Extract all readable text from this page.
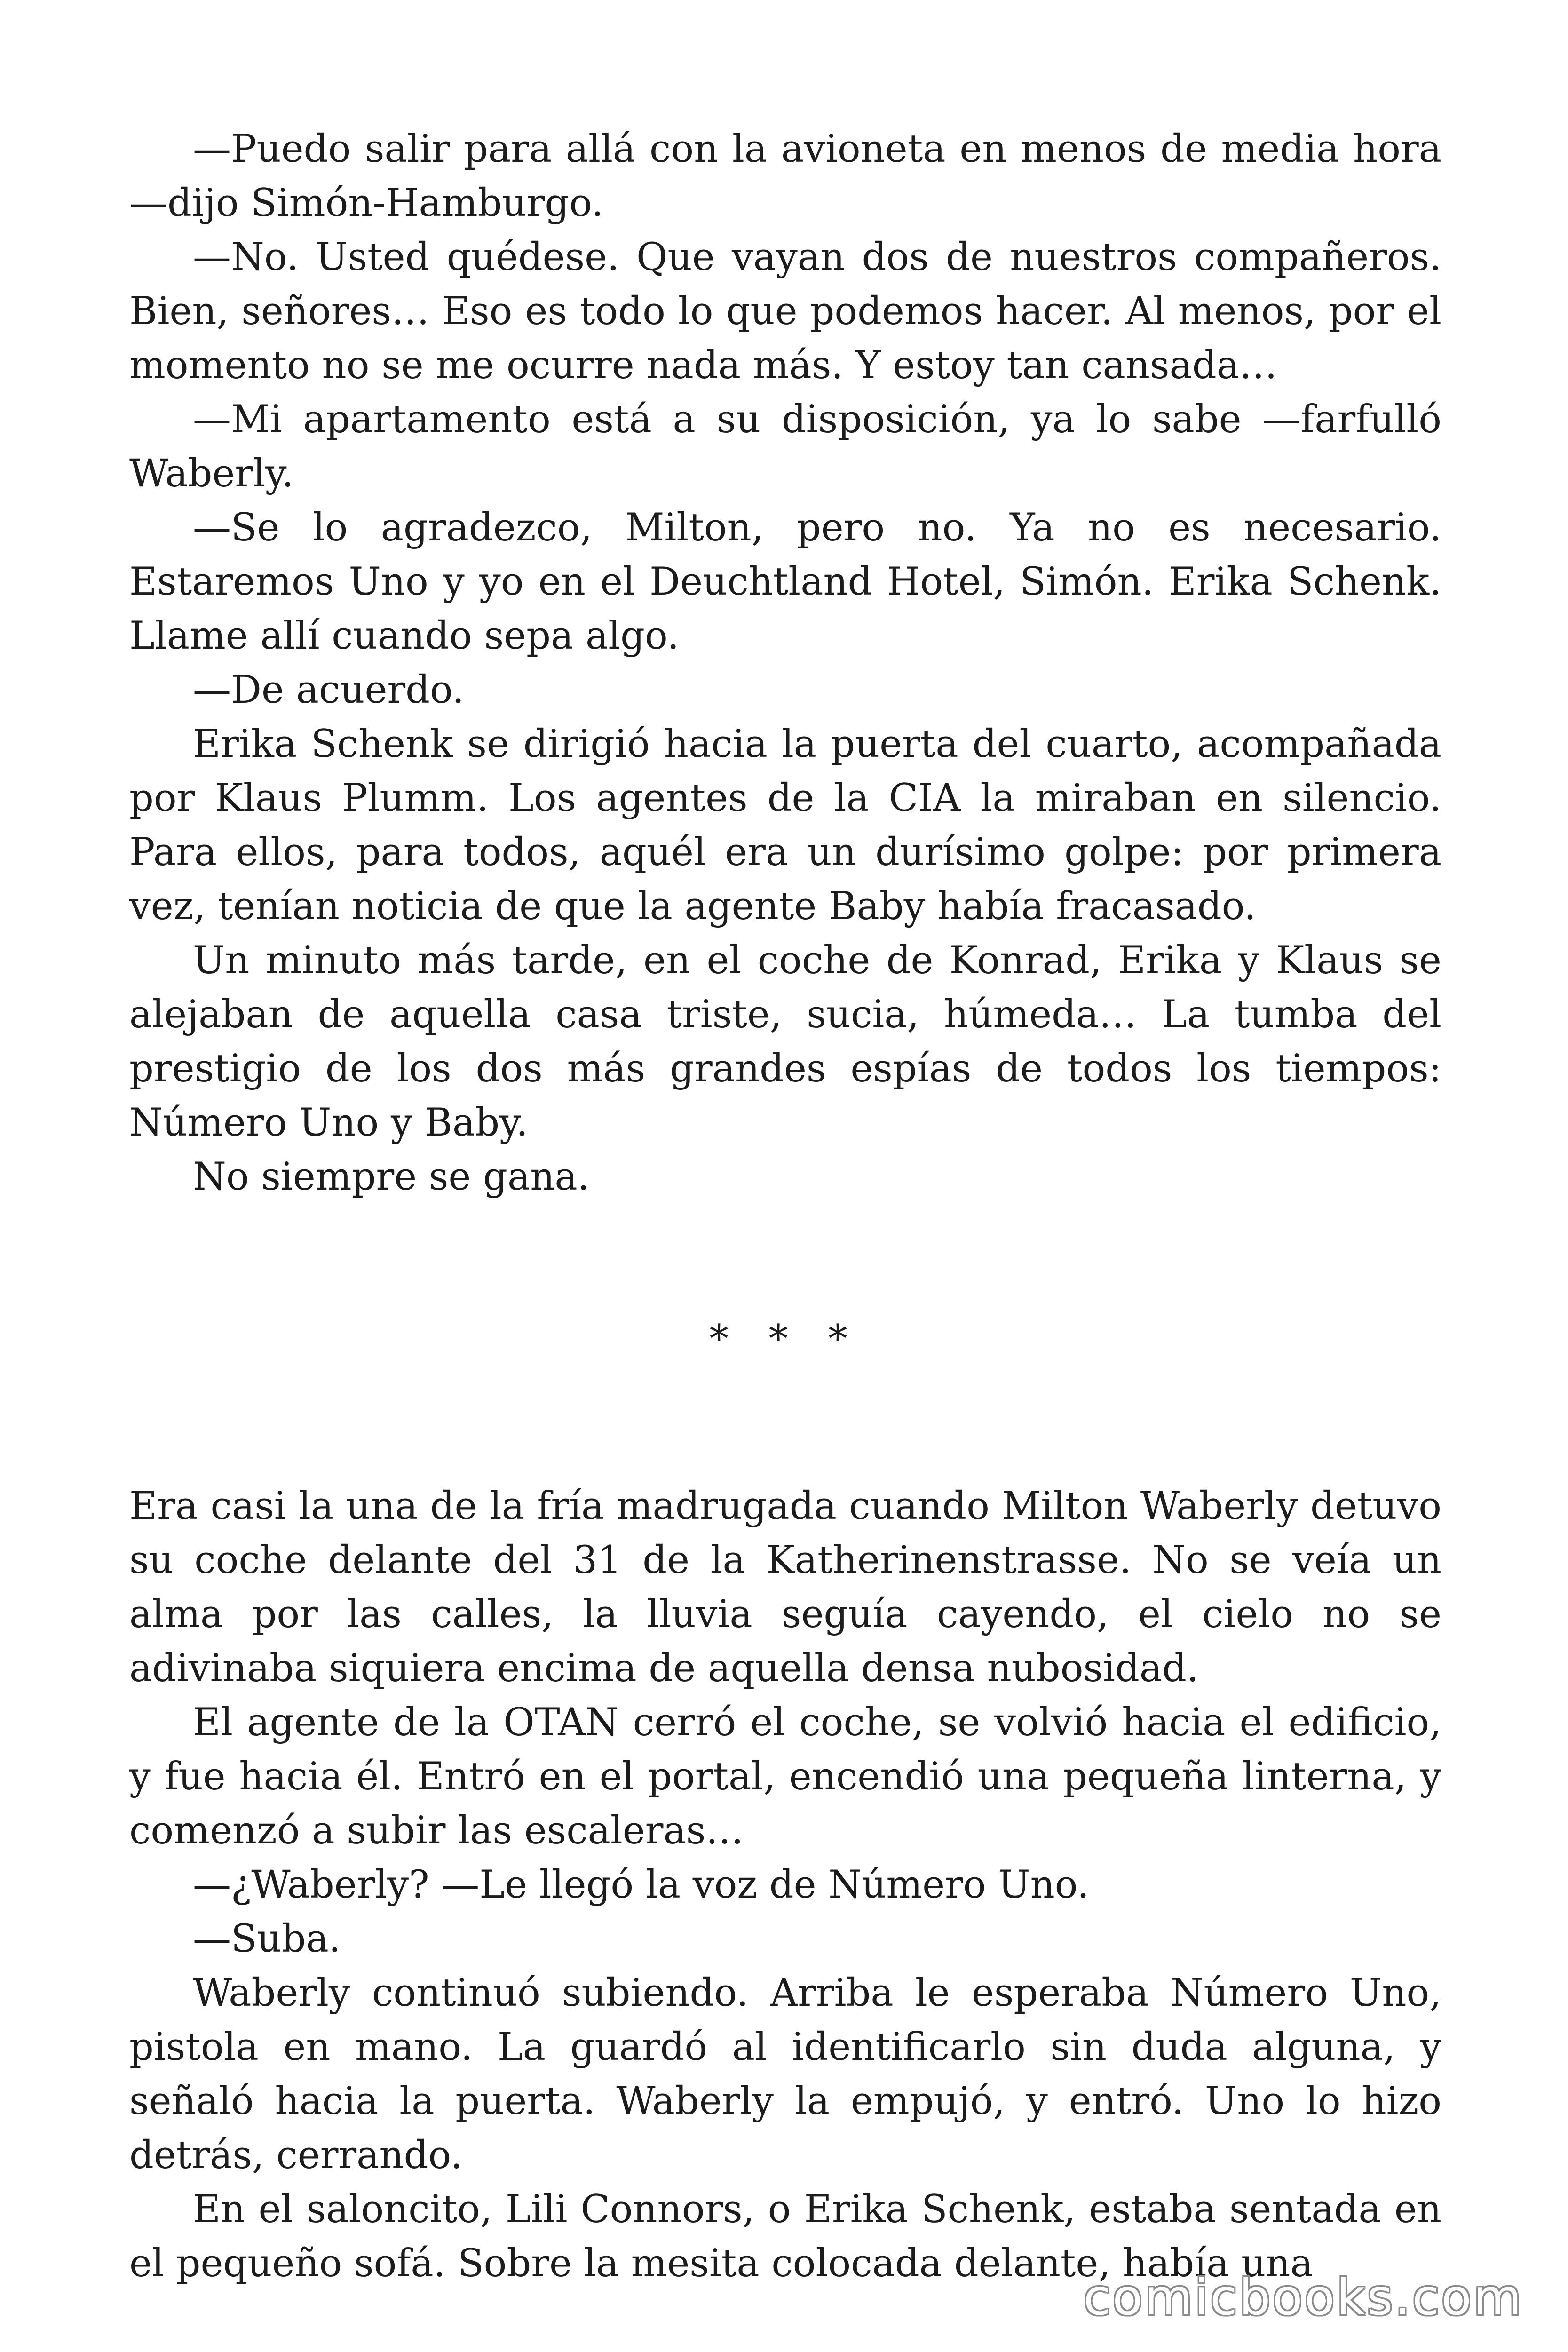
—Puedo salir para allá con la avioneta en menos de media hora —dijo Simón-Hamburgo.

—No. Usted quédese. Que vayan dos de nuestros compañeros. Bien, señores… Eso es todo lo que podemos hacer. Al menos, por el momento no se me ocurre nada más. Y estoy tan cansada…

—Mi apartamento está a su disposición, ya lo sabe —farfulló Waberly.

—Se lo agradezco, Milton, pero no. Ya no es necesario. Estaremos Uno y yo en el Deuchtland Hotel, Simón. Erika Schenk. Llame allí cuando sepa algo.

—De acuerdo.

Erika Schenk se dirigió hacia la puerta del cuarto, acompañada por Klaus Plumm. Los agentes de la CIA la miraban en silencio. Para ellos, para todos, aquél era un durísimo golpe: por primera vez, tenían noticia de que la agente Baby había fracasado.

Un minuto más tarde, en el coche de Konrad, Erika y Klaus se alejaban de aquella casa triste, sucia, húmeda… La tumba del prestigio de los dos más grandes espías de todos los tiempos: Número Uno y Baby.

No siempre se gana.

* * *

Era casi la una de la fría madrugada cuando Milton Waberly detuvo su coche delante del 31 de la Katherinenstrasse. No se veía un alma por las calles, la lluvia seguía cayendo, el cielo no se adivinaba siquiera encima de aquella densa nubosidad.

El agente de la OTAN cerró el coche, se volvió hacia el edificio, y fue hacia él. Entró en el portal, encendió una pequeña linterna, y comenzó a subir las escaleras…

—¿Waberly? —Le llegó la voz de Número Uno.

—Suba.

Waberly continuó subiendo. Arriba le esperaba Número Uno, pistola en mano. La guardó al identificarlo sin duda alguna, y señaló hacia la puerta. Waberly la empujó, y entró. Uno lo hizo detrás, cerrando.

En el saloncito, Lili Connors, o Erika Schenk, estaba sentada en el pequeño sofá. Sobre la mesita colocada delante, había una

comicbooks.com
